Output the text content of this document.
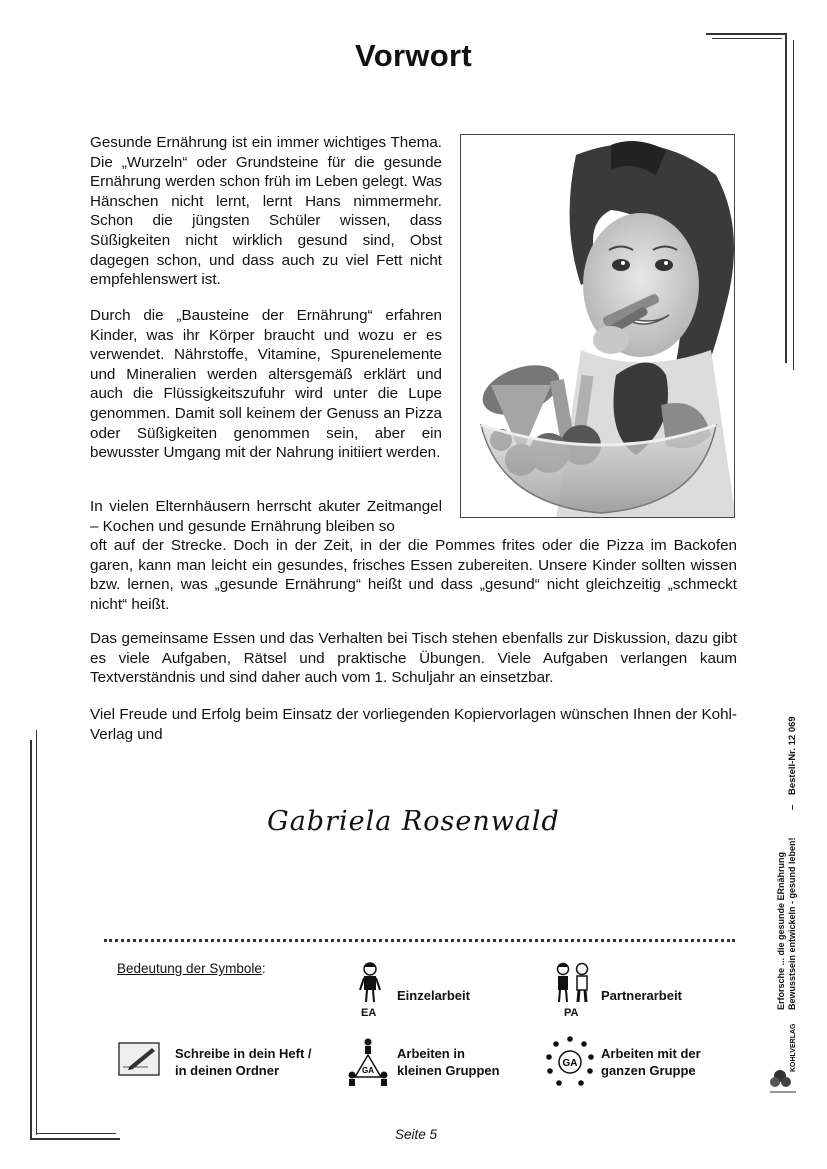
Vorwort

Gesunde Ernährung ist ein immer wichtiges Thema. Die „Wurzeln“ oder Grundsteine für die gesunde Ernährung werden schon früh im Leben gelegt. Was Hänschen nicht lernt, lernt Hans nimmermehr. Schon die jüngsten Schüler wissen, dass Süßigkeiten nicht wirklich gesund sind, Obst dagegen schon, und dass auch zu viel Fett nicht empfehlenswert ist.

Durch die „Bausteine der Ernährung“ erfahren Kinder, was ihr Körper braucht und wozu er es verwendet. Nährstoffe, Vitamine, Spurenelemente und Mineralien werden altersgemäß erklärt und auch die Flüssigkeitszufuhr wird unter die Lupe genommen. Damit soll keinem der Genuss an Pizza oder Süßigkeiten genommen sein, aber ein bewusster Umgang mit der Nahrung initiiert werden.

In vielen Elternhäusern herrscht akuter Zeitmangel – Kochen und gesunde Ernährung bleiben so

oft auf der Strecke. Doch in der Zeit, in der die Pommes frites oder die Pizza im Backofen garen, kann man leicht ein gesundes, frisches Essen zubereiten. Unsere Kinder sollten wissen bzw. lernen, was „gesunde Ernährung“ heißt und dass „gesund“ nicht gleichzeitig „schmeckt nicht“ heißt.

Das gemeinsame Essen und das Verhalten bei Tisch stehen ebenfalls zur Diskussion, dazu gibt es viele Aufgaben, Rätsel und praktische Übungen. Viele Aufgaben verlangen kaum Textverständnis und sind daher auch vom 1. Schuljahr an einsetzbar.

Viel Freude und Erfolg beim Einsatz der vorliegenden Kopiervorlagen wünschen Ihnen der Kohl-Verlag und

Gabriela Rosenwald
Bedeutung der Symbole:
EA
Einzelarbeit
PA
Partnerarbeit
Schreibe in dein Heft /
in deinen Ordner	GA
Arbeiten in
kleinen Gruppen	GA
Arbeiten mit der
ganzen Gruppe
Bestell-Nr. 12 069
–
Erforsche ... die gesunde ERnährung Bewusstsein entwickeln - gesund leben!
KOHLVERLAG
Seite 5
